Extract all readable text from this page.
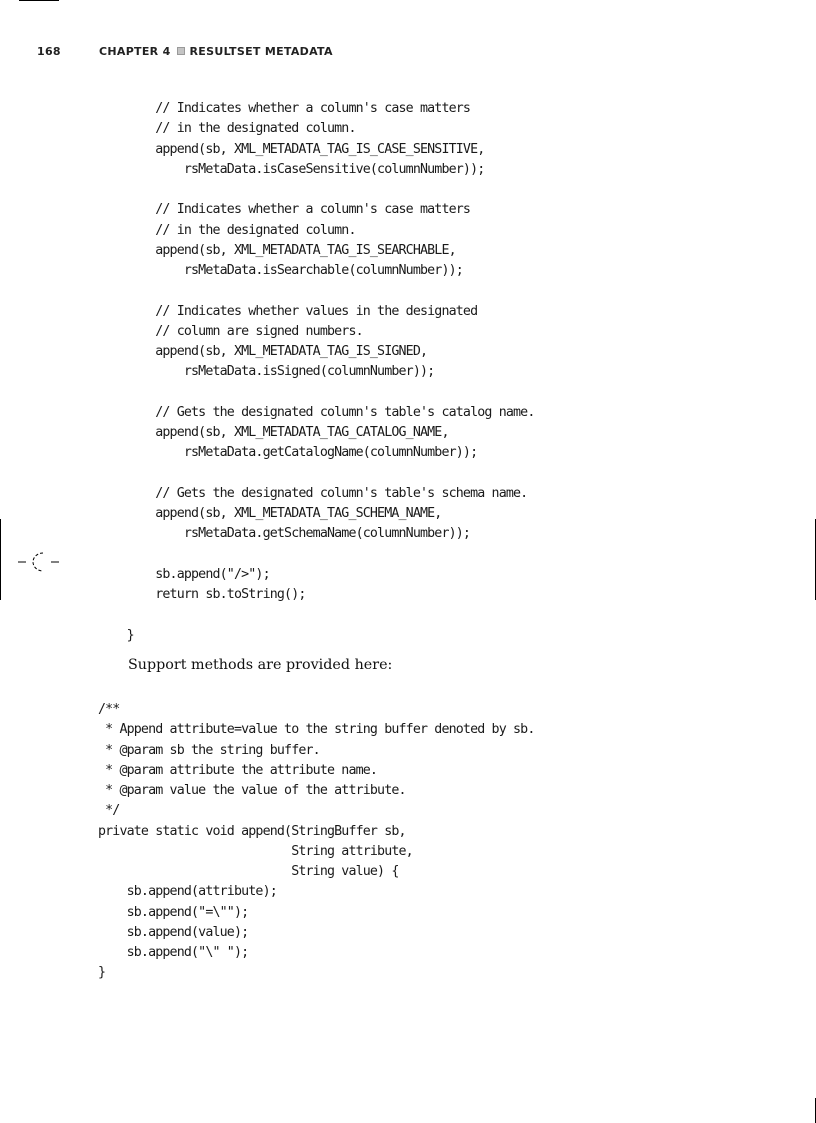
168	CHAPTER 4 RESULTSET METADATA
// Indicates whether a column's case matters
// in the designated column.
append(sb, XML_METADATA_TAG_IS_CASE_SENSITIVE,
rsMetaData.isCaseSensitive(columnNumber));
// Indicates whether a column's case matters
// in the designated column.
append(sb, XML_METADATA_TAG_IS_SEARCHABLE,
rsMetaData.isSearchable(columnNumber));
// Indicates whether values in the designated
// column are signed numbers.
append(sb, XML_METADATA_TAG_IS_SIGNED,
rsMetaData.isSigned(columnNumber));
// Gets the designated column's table's catalog name.
append(sb, XML_METADATA_TAG_CATALOG_NAME,
rsMetaData.getCatalogName(columnNumber));
// Gets the designated column's table's schema name.
append(sb, XML_METADATA_TAG_SCHEMA_NAME,
rsMetaData.getSchemaName(columnNumber));
sb.append("/>");
return sb.toString();
}

Support methods are provided here:

/**
* Append attribute=value to the string buffer denoted by sb.
* @param sb the string buffer.
* @param attribute the attribute name.
* @param value the value of the attribute.
*/
private static void append(StringBuffer sb,
String attribute,
String value) {
sb.append(attribute);
sb.append("=\"");
sb.append(value);
sb.append("\" ");
}
